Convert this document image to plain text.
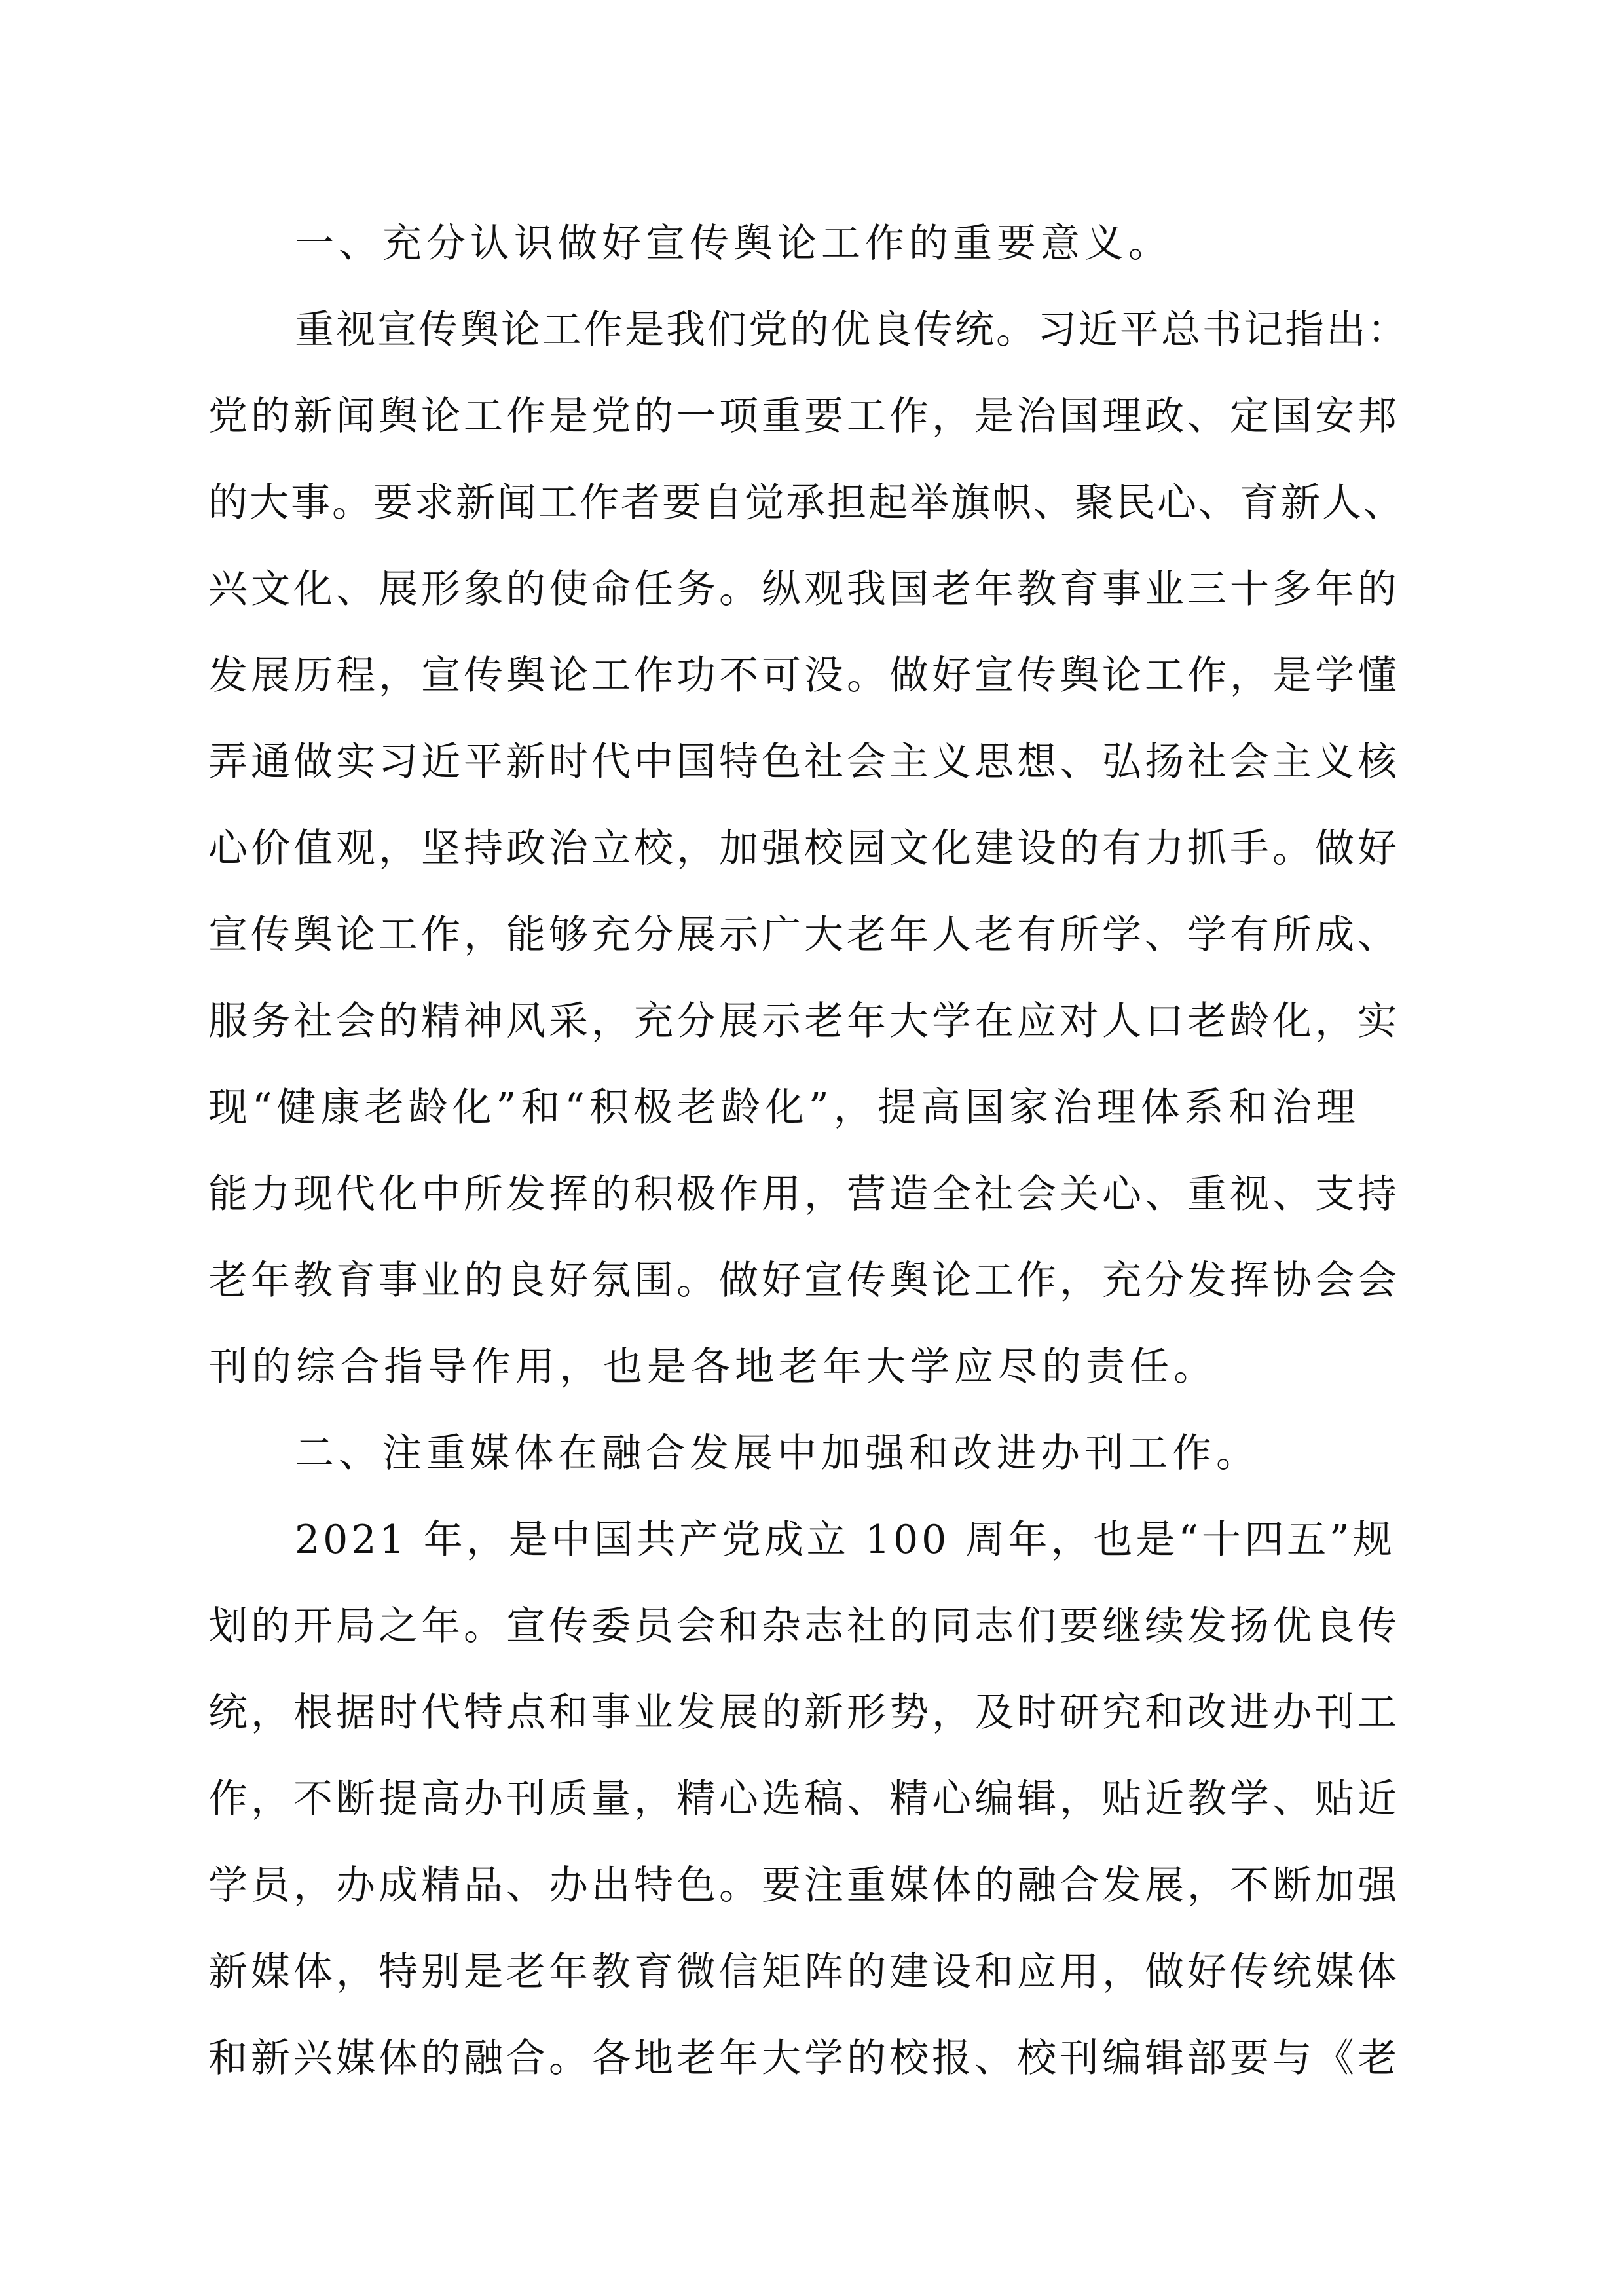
一、充分认识做好宣传舆论工作的重要意义。

重视宣传舆论工作是我们党的优良传统。习近平总书记指出：

党的新闻舆论工作是党的一项重要工作，是治国理政、定国安邦

的大事。要求新闻工作者要自觉承担起举旗帜、聚民心、育新人、

兴文化、展形象的使命任务。纵观我国老年教育事业三十多年的

发展历程，宣传舆论工作功不可没。做好宣传舆论工作，是学懂

弄通做实习近平新时代中国特色社会主义思想、弘扬社会主义核

心价值观，坚持政治立校，加强校园文化建设的有力抓手。做好

宣传舆论工作，能够充分展示广大老年人老有所学、学有所成、

服务社会的精神风采，充分展示老年大学在应对人口老龄化，实

现“健康老龄化”和“积极老龄化”，提高国家治理体系和治理

能力现代化中所发挥的积极作用，营造全社会关心、重视、支持

老年教育事业的良好氛围。做好宣传舆论工作，充分发挥协会会

刊的综合指导作用，也是各地老年大学应尽的责任。

二、注重媒体在融合发展中加强和改进办刊工作。

2021 年，是中国共产党成立 100 周年，也是“十四五”规

划的开局之年。宣传委员会和杂志社的同志们要继续发扬优良传

统，根据时代特点和事业发展的新形势，及时研究和改进办刊工

作，不断提高办刊质量，精心选稿、精心编辑，贴近教学、贴近

学员，办成精品、办出特色。要注重媒体的融合发展，不断加强

新媒体，特别是老年教育微信矩阵的建设和应用，做好传统媒体

和新兴媒体的融合。各地老年大学的校报、校刊编辑部要与《老
